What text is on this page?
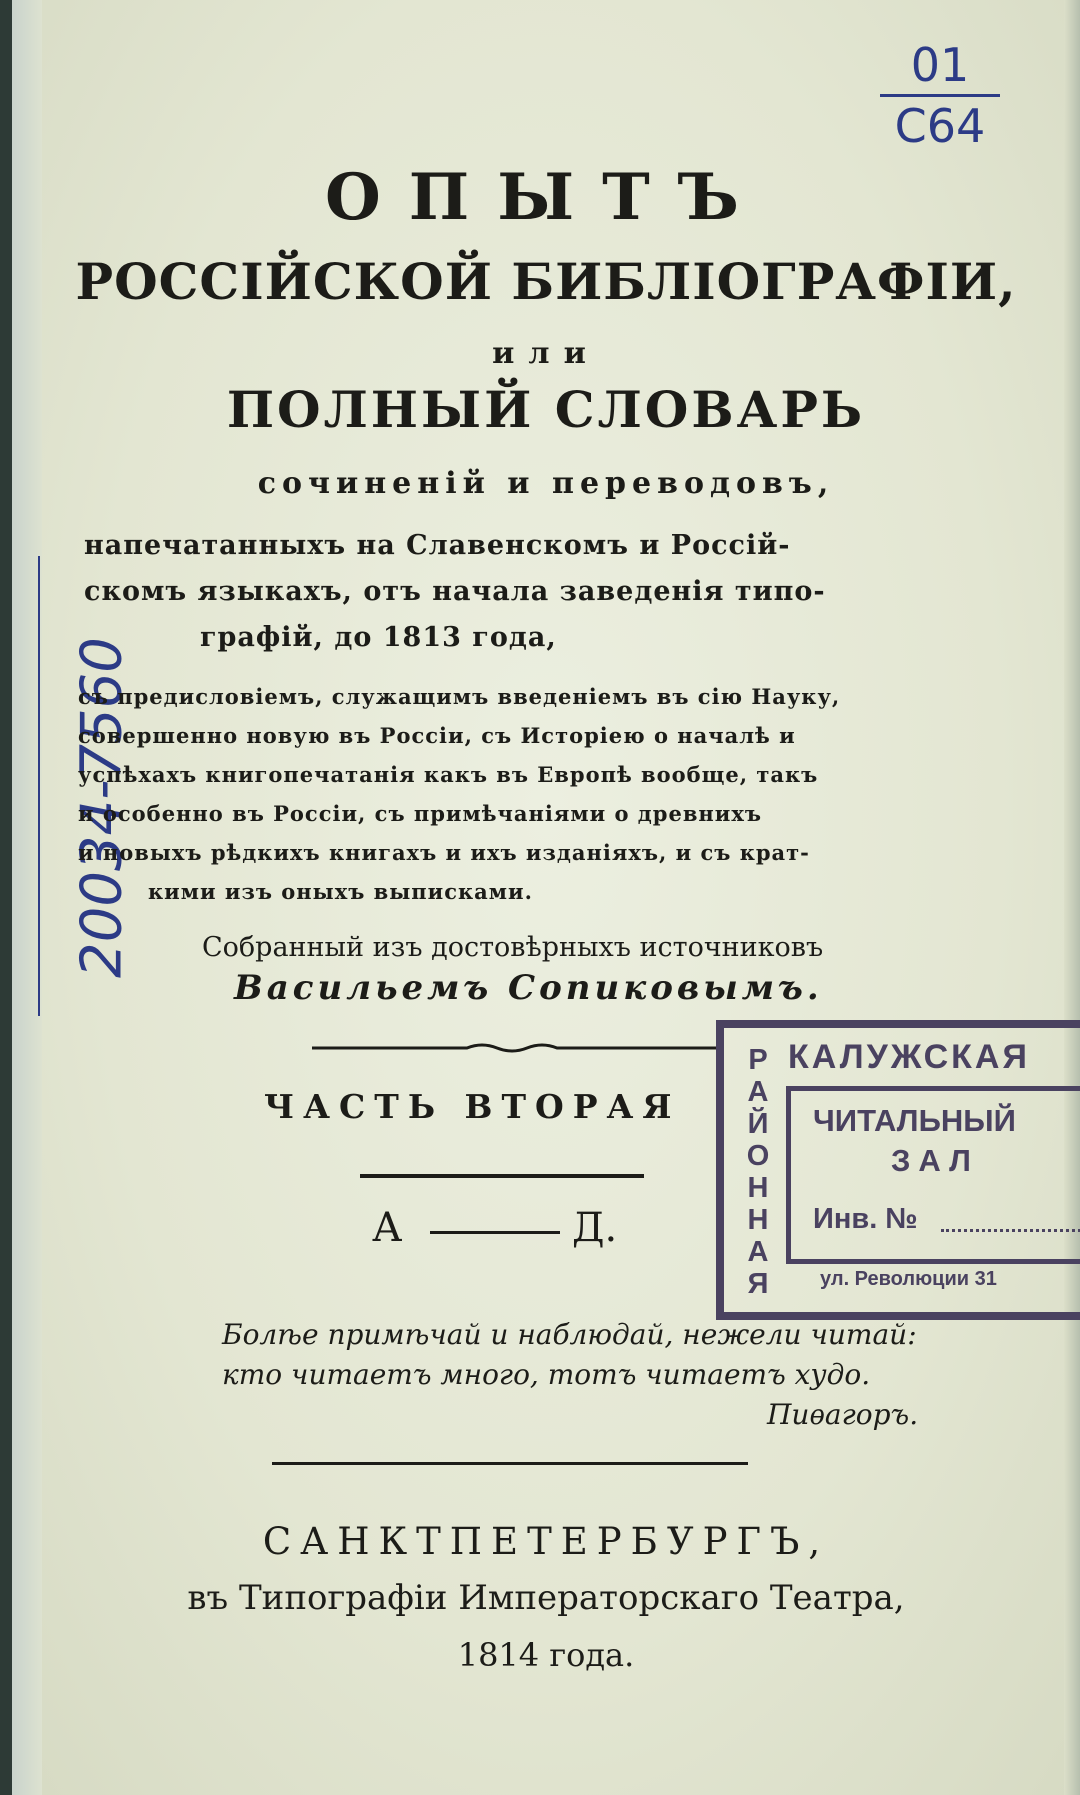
01
С64
20034-7560
ОПЫТЪ
РОССІЙСКОЙ БИБЛІОГРАФІИ,
или
ПОЛНЫЙ СЛОВАРЬ
сочиненій и переводовъ,
напечатанныхъ на Славенскомъ и Россій-
скомъ языкахъ, отъ начала заведенія типо-
графій, до 1813 года,
съ предисловіемъ, служащимъ введеніемъ въ сію Науку,
совершенно новую въ Россіи, съ Исторіею о началѣ и
успѣхахъ книгопечатанія какъ въ Европѣ вообще, такъ
и особенно въ Россіи, съ примѣчаніями о древнихъ
и новыхъ рѣдкихъ книгахъ и ихъ изданіяхъ, и съ крат-
кими изъ оныхъ выписками.
Собранный изъ достовѣрныхъ источниковъ
Васильемъ Сопиковымъ.
ЧАСТЬ ВТОРАЯ
А	Д.
КАЛУЖСКАЯ
РАЙОННАЯ
ЧИТАЛЬНЫЙ
ЗАЛ
Инв. №
ул. Революции 31
Болѣе примѣчай и наблюдай, нежели читай:
кто читаетъ много, тотъ читаетъ худо.
Пиѳагоръ.
САНКТПЕТЕРБУРГЪ,
въ Типографіи Императорскаго Театра,
1814 года.
